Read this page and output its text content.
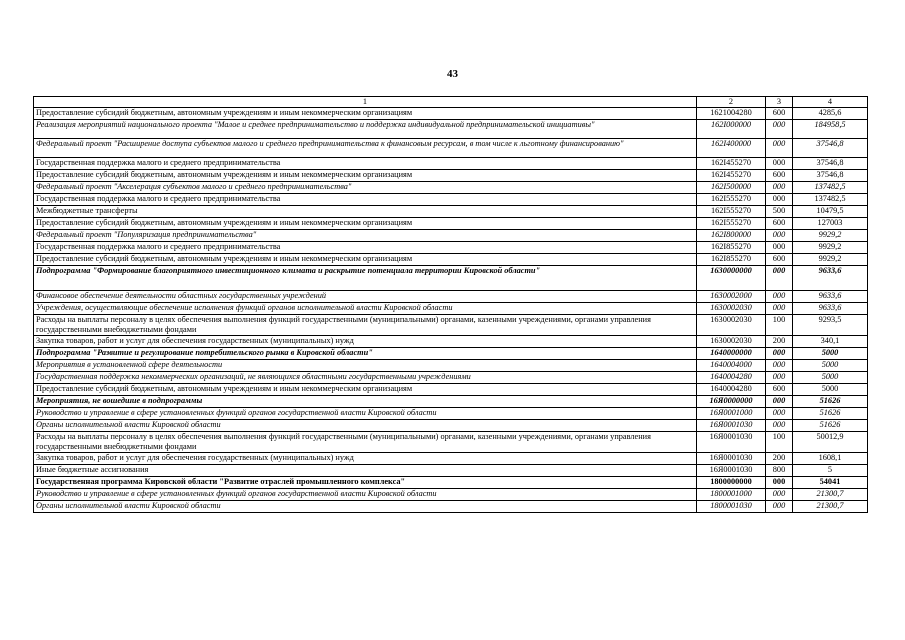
43
1	2	3	4
Предоставление субсидий бюджетным, автономным учреждениям и иным некоммерческим организациям	1621004280	600	4285,6
Реализация мероприятий национального проекта "Малое и среднее предпринимательство и поддержка индивидуальной предпринимательской инициативы"	162I000000	000	184958,5
Федеральный проект "Расширение доступа субъектов малого и среднего предпринимательства к финансовым ресурсам, в том числе к льготному финансированию"	162I400000	000	37546,8
Государственная поддержка малого и среднего предпринимательства	162I455270	000	37546,8
Предоставление субсидий бюджетным, автономным учреждениям и иным некоммерческим организациям	162I455270	600	37546,8
Федеральный проект "Акселерация субъектов малого и среднего предпринимательства"	162I500000	000	137482,5
Государственная поддержка малого и среднего предпринимательства	162I555270	000	137482,5
Межбюджетные трансферты	162I555270	500	10479,5
Предоставление субсидий бюджетным, автономным учреждениям и иным некоммерческим организациям	162I555270	600	127003
Федеральный проект "Популяризация предпринимательства"	162I800000	000	9929,2
Государственная поддержка малого и среднего предпринимательства	162I855270	000	9929,2
Предоставление субсидий бюджетным, автономным учреждениям и иным некоммерческим организациям	162I855270	600	9929,2
Подпрограмма "Формирование благоприятного инвестиционного климата и раскрытие потенциала территории Кировской области"	1630000000	000	9633,6
Финансовое обеспечение деятельности областных государственных учреждений	1630002000	000	9633,6
Учреждения, осуществляющие обеспечение исполнения функций органов исполнительной власти Кировской области	1630002030	000	9633,6
Расходы на выплаты персоналу в целях обеспечения выполнения функций государственными (муниципальными) органами, казенными учреждениями, органами управления государственными внебюджетными фондами	1630002030	100	9293,5
Закупка товаров, работ и услуг для обеспечения государственных (муниципальных) нужд	1630002030	200	340,1
Подпрограмма "Развитие и регулирование потребительского рынка в Кировской области"	1640000000	000	5000
Мероприятия в установленной сфере деятельности	1640004000	000	5000
Государственная поддержка некоммерческих организаций, не являющихся областными государственными учреждениями	1640004280	000	5000
Предоставление субсидий бюджетным, автономным учреждениям и иным некоммерческим организациям	1640004280	600	5000
Мероприятия, не вошедшие в подпрограммы	16Я0000000	000	51626
Руководство и управление в сфере установленных функций органов государственной власти Кировской области	16Я0001000	000	51626
Органы исполнительной власти Кировской области	16Я0001030	000	51626
Расходы на выплаты персоналу в целях обеспечения выполнения функций государственными (муниципальными) органами, казенными учреждениями, органами управления государственными внебюджетными фондами	16Я0001030	100	50012,9
Закупка товаров, работ и услуг для обеспечения государственных (муниципальных) нужд	16Я0001030	200	1608,1
Иные бюджетные ассигнования	16Я0001030	800	5
Государственная программа Кировской области "Развитие отраслей промышленного комплекса"	1800000000	000	54041
Руководство и управление в сфере установленных функций органов государственной власти Кировской области	1800001000	000	21300,7
Органы исполнительной власти Кировской области	1800001030	000	21300,7
